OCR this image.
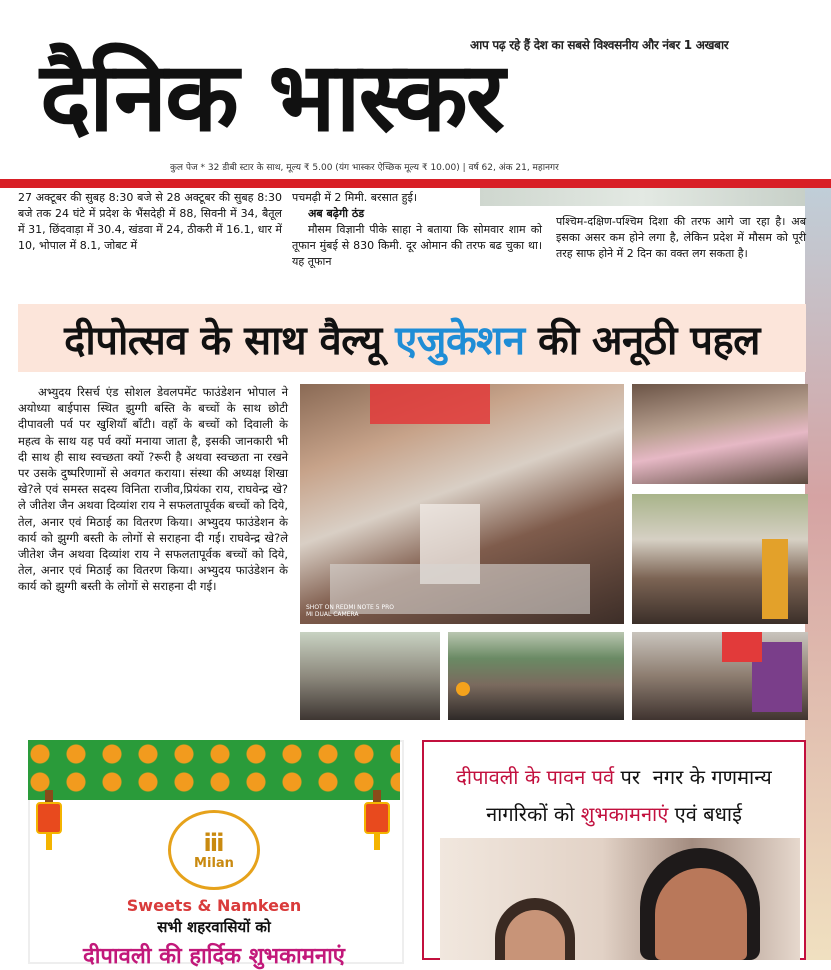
आप पढ़ रहे हैं देश का सबसे विश्वसनीय और नंबर 1 अखबार
दैनिक भास्कर
कुल पेज * 32 डीबी स्टार के साथ, मूल्य ₹ 5.00 (यंग भास्कर ऐच्छिक मूल्य ₹ 10.00) | वर्ष 62, अंक 21, महानगर
27 अक्टूबर की सुबह 8:30 बजे से 28 अक्टूबर की सुबह 8:30 बजे तक 24 घंटे में प्रदेश के भैंसदेही में 88, सिवनी में 34, बैतूल में 31, छिंदवाड़ा में 30.4, खंडवा में 24, ठीकरी में 16.1, धार में 10, भोपाल में 8.1, जोबट में
पचमढ़ी में 2 मिमी. बरसात हुई।
अब बढ़ेगी ठंड
मौसम विज्ञानी पीके साहा ने बताया कि सोमवार शाम को तूफान मुंबई से 830 किमी. दूर ओमान की तरफ बढ चुका था। यह तूफान
पश्चिम-दक्षिण-पश्चिम दिशा की तरफ आगे जा रहा है। अब इसका असर कम होने लगा है, लेकिन प्रदेश में मौसम को पूरी तरह साफ होने में 2 दिन का वक्त लग सकता है।
दीपोत्सव के साथ वैल्यू एजुकेशन की अनूठी पहल
अभ्युदय रिसर्च एंड सोशल डेवलपमेंट फाउंडेशन भोपाल ने अयोध्या बाईपास स्थित झुग्गी बस्ति के बच्चों के साथ छोटी दीपावली पर्व पर खुशियाँ बाँटी। वहाँ के बच्चों को दिवाली के महत्व के साथ यह पर्व क्यों मनाया जाता है, इसकी जानकारी भी दी साथ ही साथ स्वच्छता क्यों ?रूरी है अथवा स्वच्छता ना रखने पर उसके दुष्परिणामों से अवगत कराया। संस्था की अध्यक्ष शिखा खे?ले एवं समस्त सदस्य विनिता राजीव,प्रियंका राय, राघवेन्द्र खे?ले जीतेश जैन अथवा दिव्यांश राय ने सफलतापूर्वक बच्चों को दिये, तेल, अनार एवं मिठाई का वितरण किया। अभ्युदय फाउंडेशन के कार्य को झुग्गी बस्ती के लोगों से सराहना दी गई। राघवेन्द्र खे?ले जीतेश जैन अथवा दिव्यांश राय ने सफलतापूर्वक बच्चों को दिये, तेल, अनार एवं मिठाई का वितरण किया। अभ्युदय फाउंडेशन के कार्य को झुग्गी बस्ती के लोगों से सराहना दी गई।
SHOT ON REDMI NOTE 5 PRO
MI DUAL CAMERA
ⅲ
Milan
Sweets & Namkeen
सभी शहरवासियों को
दीपावली की हार्दिक शुभकामनाएं
दीपावली के पावन पर्व पर  नगर के गणमान्य
नागरिकों को शुभकामनाएं एवं बधाई
